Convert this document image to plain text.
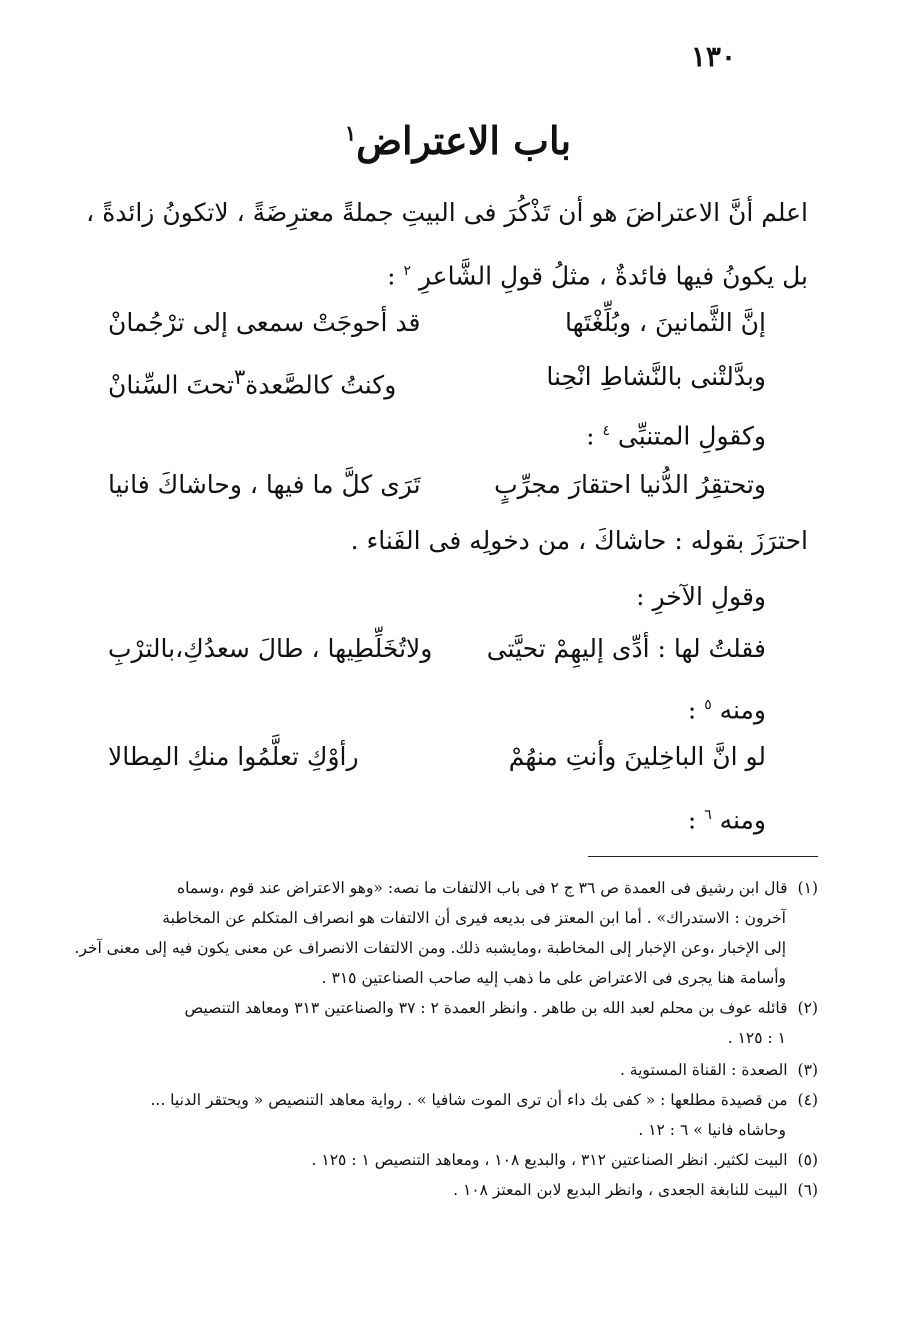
١٣٠
باب الاعتراض$^١$
اعلم أنَّ الاعتراضَ هو أن تَذْكُرَ فى البيتِ جملةً معترِضَةً ، لاتكونُ زائدةً ،
بل يكونُ فيها فائدةٌ ، مثلُ قولِ الشَّاعرِ $^٢$ :
إنَّ الثَّمانينَ ، وبُلِّغْتَها
قد أحوجَتْ سمعى إلى ترْجُمانْ
وبدَّلتْنى بالنَّشاطِ انْحِنا
وكنتُ كالصَّعدة$^٣$تحتَ السِّنانْ
وكقولِ المتنبِّى $^٤$ :
وتحتقِرُ الدُّنيا احتقارَ مجرِّبٍ
تَرَى كلَّ ما فيها ، وحاشاكَ فانيا
احترَزَ بقوله : حاشاكَ ، من دخولِه فى الفَناء .
وقولِ الآخرِ :
فقلتُ لها : أدِّى إليهِمْ تحيَّتى
ولاتُخَلِّطِيها ، طالَ سعدُكِ،بالترْبِ
ومنه $^٥$ :
لو انَّ الباخِلينَ وأنتِ منهُمْ
رأوْكِ تعلَّمُوا منكِ المِطالا
ومنه $^٦$ :
(١)قال ابن رشيق فى العمدة ص ٣٦ ج ٢ فى باب الالتفات ما نصه: «وهو الاعتراض عند قوم ،وسماه
آخرون : الاستدراك» . أما ابن المعتز فى بديعه فيرى أن الالتفات هو انصراف المتكلم عن المخاطبة
إلى الإخبار ،وعن الإخبار إلى المخاطبة ،ومايشبه ذلك. ومن الالتفات الانصراف عن معنى يكون فيه إلى معنى آخر.
وأسامة هنا يجرى فى الاعتراض على ما ذهب إليه صاحب الصناعتين ٣١٥ .
(٢)قائله عوف بن محلم لعبد الله بن طاهر . وانظر العمدة ٢ : ٣٧ والصناعتين ٣١٣ ومعاهد التنصيص
١ : ١٢٥ .
(٣)الصعدة : القناة المستوية .
(٤)من قصيدة مطلعها : « كفى بك داء أن ترى الموت شافيا » . رواية معاهد التنصيص « ويحتقر الدنيا ...
وحاشاه فانيا » ٦ : ١٢ .
(٥)البيت لكثير. انظر الصناعتين ٣١٢ ، والبديع ١٠٨ ، ومعاهد التنصيص ١ : ١٢٥ .
(٦)البيت للنابغة الجعدى ، وانظر البديع لابن المعتز ١٠٨ .
